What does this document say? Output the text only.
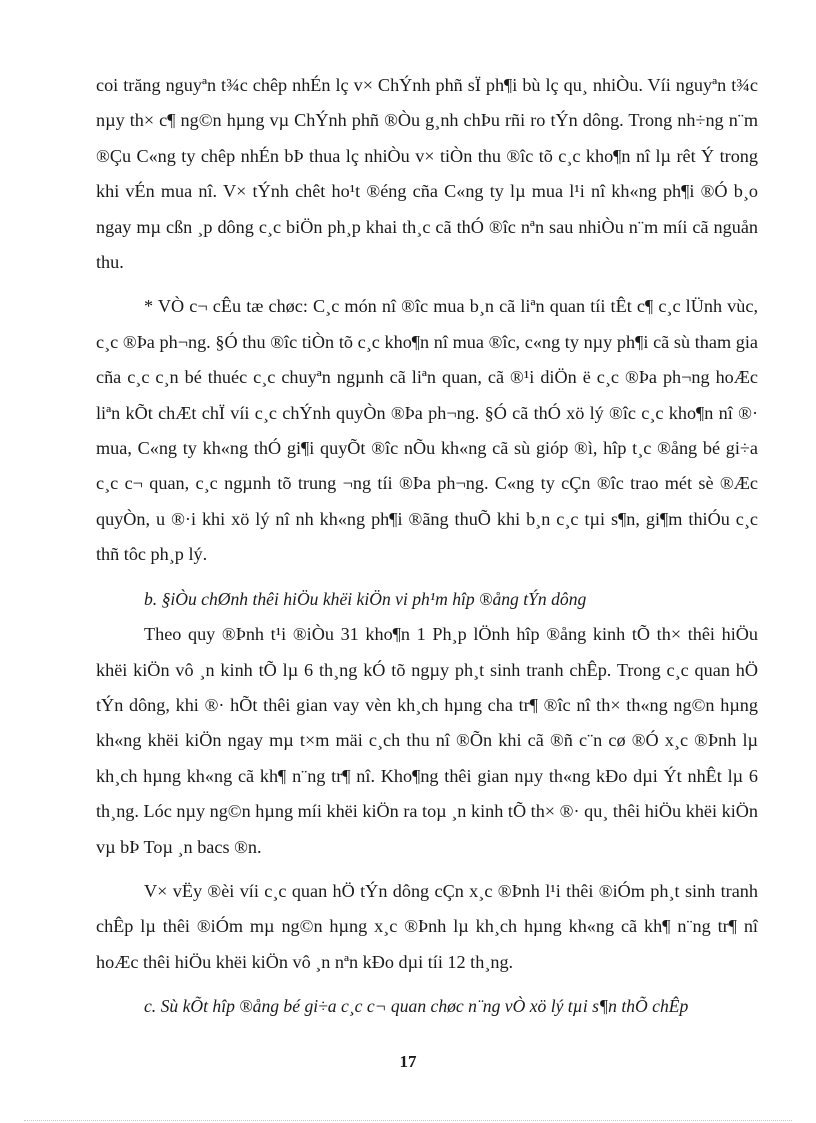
coi trăng nguyªn t¾c chêp nhÉn lç v× ChÝnh phñ sÏ ph¶i bù lç qu¸ nhiÒu. Víi nguyªn t¾c nµy th× c¶ ng©n hµng vµ ChÝnh phñ ®Òu g¸nh chÞu rñi ro tÝn dông. Trong nh÷ng n¨m ®Çu C«ng ty chêp nhÉn bÞ thua lç nhiÒu v× tiÒn thu ®îc tõ c¸c kho¶n nî lµ rêt Ý trong khi vÉn mua nî. V× tÝnh chêt ho¹t ®éng cña C«ng ty lµ mua l¹i nî kh«ng ph¶i ®Ó b¸o ngay mµ cßn ¸p dông c¸c biÖn ph¸p khai th¸c cã thÓ ®îc nªn sau nhiÒu n¨m míi cã nguån thu.

* VÒ c¬ cÊu tæ chøc: C¸c món nî ®îc mua b¸n cã liªn quan tíi tÊt c¶ c¸c lÜnh vùc, c¸c ®Þa ph¬ng. §Ó thu ®îc tiÒn tõ c¸c kho¶n nî mua ®îc, c«ng ty nµy ph¶i cã sù tham gia cña c¸c c¸n bé thuéc c¸c chuyªn ngµnh cã liªn quan, cã ®¹i diÖn ë c¸c ®Þa ph¬ng hoÆc liªn kÕt chÆt chÏ víi c¸c chÝnh quyÒn ®Þa ph¬ng. §Ó cã thÓ xö lý ®îc c¸c kho¶n nî ®· mua, C«ng ty kh«ng thÓ gi¶i quyÕt ®îc nÕu kh«ng cã sù gióp ®ì, hîp t¸c ®ång bé gi÷a c¸c c¬ quan, c¸c ngµnh tõ trung ¬ng tíi ®Þa ph¬ng. C«ng ty cÇn ®îc trao mét sè ®Æc quyÒn, u ®·i khi xö lý nî nh kh«ng ph¶i ®ãng thuÕ khi b¸n c¸c tµi s¶n, gi¶m thiÓu c¸c thñ tôc ph¸p lý.

b. §iÒu chØnh thêi hiÖu khëi kiÖn vi ph¹m hîp ®ång tÝn dông

Theo quy ®Þnh t¹i ®iÒu 31 kho¶n 1 Ph¸p lÖnh hîp ®ång kinh tÕ th× thêi hiÖu khëi kiÖn vô ¸n kinh tÕ lµ 6 th¸ng kÓ tõ ngµy ph¸t sinh tranh chÊp. Trong c¸c quan hÖ tÝn dông, khi ®· hÕt thêi gian vay vèn kh¸ch hµng cha tr¶ ®îc nî th× th«ng ng©n hµng kh«ng khëi kiÖn ngay mµ t×m mäi c¸ch thu nî ®Õn khi cã ®ñ c¨n cø ®Ó x¸c ®Þnh lµ kh¸ch hµng kh«ng cã kh¶ n¨ng tr¶ nî. Kho¶ng thêi gian nµy th«ng kÐo dµi Ýt nhÊt lµ 6 th¸ng. Lóc nµy ng©n hµng míi khëi kiÖn ra toµ ¸n kinh tÕ th× ®· qu¸ thêi hiÖu khëi kiÖn vµ bÞ Toµ ¸n bacs ®n.

V× vËy ®èi víi c¸c quan hÖ tÝn dông cÇn x¸c ®Þnh l¹i thêi ®iÓm ph¸t sinh tranh chÊp lµ thêi ®iÓm mµ ng©n hµng x¸c ®Þnh lµ kh¸ch hµng kh«ng cã kh¶ n¨ng tr¶ nî hoÆc thêi hiÖu khëi kiÖn vô ¸n nªn kÐo dµi tíi 12 th¸ng.

c. Sù kÕt hîp ®ång bé gi÷a c¸c c¬ quan chøc n¨ng vÒ xö lý tµi s¶n thÕ chÊp

17
